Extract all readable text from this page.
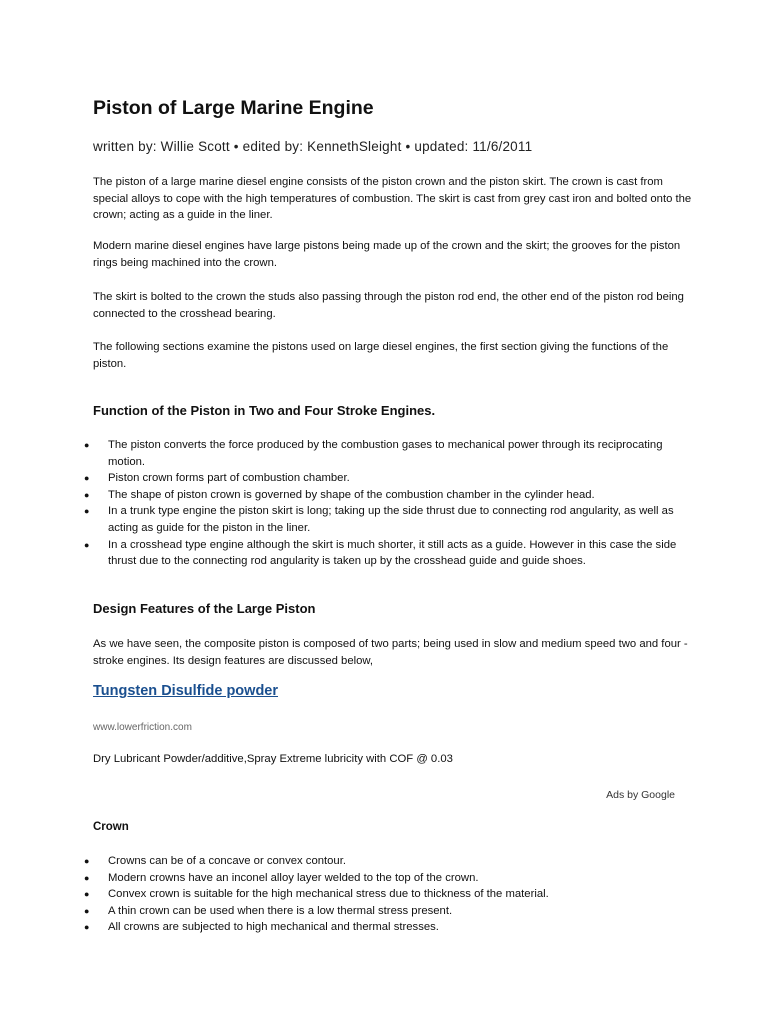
Piston of Large Marine Engine
written by: Willie Scott • edited by: KennethSleight • updated: 11/6/2011

The piston of a large marine diesel engine consists of the piston crown and the piston skirt. The crown is cast from special alloys to cope with the high temperatures of combustion. The skirt is cast from grey cast iron and bolted onto the crown; acting as a guide in the liner.

Modern marine diesel engines have large pistons being made up of the crown and the skirt; the grooves for the piston rings being machined into the crown.

The skirt is bolted to the crown the studs also passing through the piston rod end, the other end of the piston rod being connected to the crosshead bearing.

The following sections examine the pistons used on large diesel engines, the first section giving the functions of the piston.

Function of the Piston in Two and Four Stroke Engines.
● The piston converts the force produced by the combustion gases to mechanical power through its reciprocating motion.
● Piston crown forms part of combustion chamber.
● The shape of piston crown is governed by shape of the combustion chamber in the cylinder head.
● In a trunk type engine the piston skirt is long; taking up the side thrust due to connecting rod angularity, as well as acting as guide for the piston in the liner.
● In a crosshead type engine although the skirt is much shorter, it still acts as a guide. However in this case the side thrust due to the connecting rod angularity is taken up by the crosshead guide and guide shoes.
Design Features of the Large Piston

As we have seen, the composite piston is composed of two parts; being used in slow and medium speed two and four - stroke engines. Its design features are discussed below,

Tungsten Disulfide powder
www.lowerfriction.com
Dry Lubricant Powder/additive,Spray Extreme lubricity with COF @ 0.03
Ads by Google
Crown
● Crowns can be of a concave or convex contour.
● Modern crowns have an inconel alloy layer welded to the top of the crown.
● Convex crown is suitable for the high mechanical stress due to thickness of the material.
● A thin crown can be used when there is a low thermal stress present.
● All crowns are subjected to high mechanical and thermal stresses.
